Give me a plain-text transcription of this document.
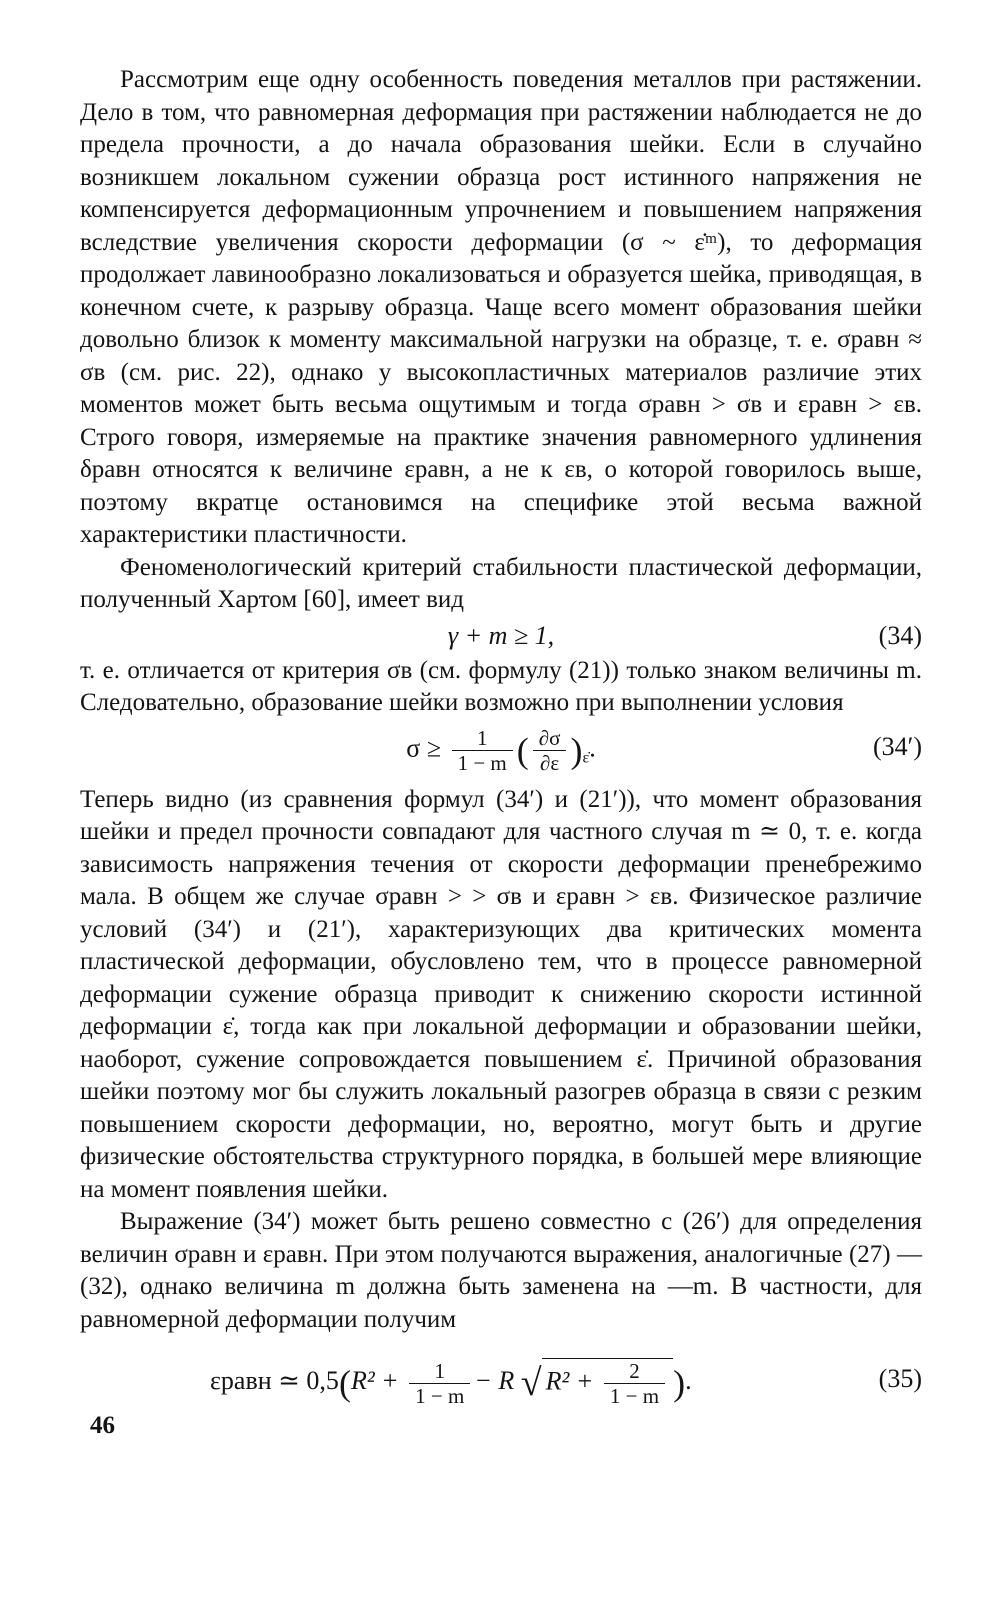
Рассмотрим еще одну особенность поведения металлов при растяжении. Дело в том, что равномерная деформация при растяжении наблюдается не до предела прочности, а до начала образования шейки. Если в случайно возникшем локальном сужении образца рост истинного напряжения не компенсируется деформационным упрочнением и повышением напряжения вследствие увеличения скорости деформации (σ ~ ε̇ᵐ), то деформация продолжает лавинообразно локализоваться и образуется шейка, приводящая, в конечном счете, к разрыву образца. Чаще всего момент образования шейки довольно близок к моменту максимальной нагрузки на образце, т. е. σравн ≈ σв (см. рис. 22), однако у высокопластичных материалов различие этих моментов может быть весьма ощутимым и тогда σравн > σв и εравн > εв. Строго говоря, измеряемые на практике значения равномерного удлинения δравн относятся к величине εравн, а не к εв, о которой говорилось выше, поэтому вкратце остановимся на специфике этой весьма важной характеристики пластичности.

Феноменологический критерий стабильности пластической деформации, полученный Хартом [60], имеет вид

γ + m ≥ 1,	(34)

т. е. отличается от критерия σв (см. формулу (21)) только знаком величины m. Следовательно, образование шейки возможно при выполнении условия

$\sigma \ge \frac{1}{1 - m}$ ( $\frac{\partial\sigma}{\partial\varepsilon} )_{\varepsiloṅ}$.	(34′)

Теперь видно (из сравнения формул (34′) и (21′)), что момент образования шейки и предел прочности совпадают для частного случая m ≃ 0, т. е. когда зависимость напряжения течения от скорости деформации пренебрежимо мала. В общем же случае σравн > > σв и εравн > εв. Физическое различие условий (34′) и (21′), характеризующих два критических момента пластической деформации, обусловлено тем, что в процессе равномерной деформации сужение образца приводит к снижению скорости истинной деформации ε̇, тогда как при локальной деформации и образовании шейки, наоборот, сужение сопровождается повышением ε̇. Причиной образования шейки поэтому мог бы служить локальный разогрев образца в связи с резким повышением скорости деформации, но, вероятно, могут быть и другие физические обстоятельства структурного порядка, в большей мере влияющие на момент появления шейки.

Выражение (34′) может быть решено совместно с (26′) для определения величин σравн и εравн. При этом получаются выражения, аналогичные (27) —(32), однако величина m должна быть заменена на —m. В частности, для равномерной деформации получим

εравн ≃ $0,5(R^2 + \frac{1}{1 - m} - R$ √ $R^2 + \frac{2}{1 - m}$ ).	(35)
46
